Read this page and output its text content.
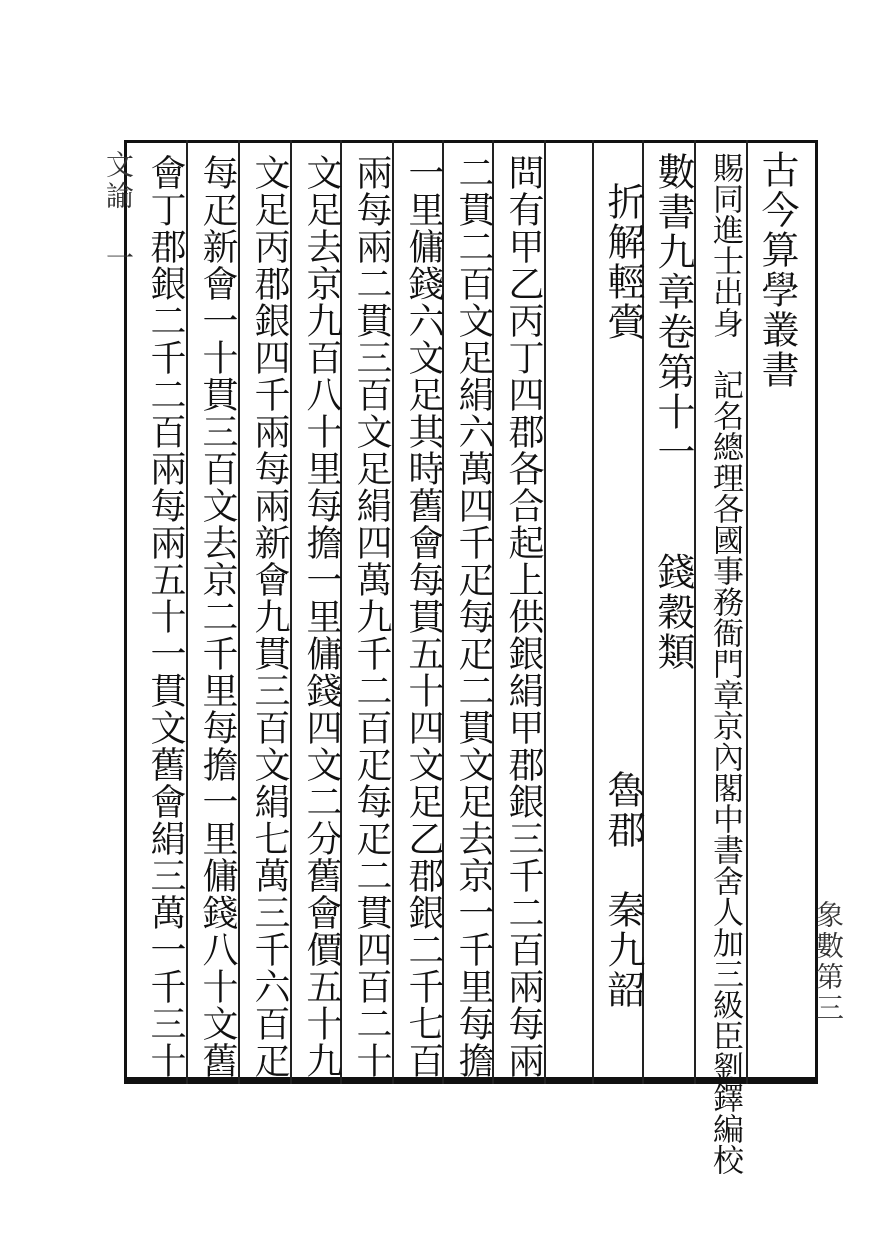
古今算學叢書
賜同進士出身　記名總理各國事務衙門章京內閣中書舍人加三級臣劉鐸編校
數書九章卷第十一　　錢穀類
折解輕賫
魯郡　秦九韶
問有甲乙丙丁四郡各合起上供銀絹甲郡銀三千二百兩每兩
二貫二百文足絹六萬四千疋每疋二貫文足去京一千里每擔
一里傭錢六文足其時舊會每貫五十四文足乙郡銀二千七百
兩每兩二貫三百文足絹四萬九千二百疋每疋二貫四百二十
文足去京九百八十里每擔一里傭錢四文二分舊會價五十九
文足丙郡銀四千兩每兩新會九貫三百文絹七萬三千六百疋
每疋新會一十貫三百文去京二千里每擔一里傭錢八十文舊
會丁郡銀二千二百兩每兩五十一貫文舊會絹三萬一千三十	象數第三
文諭　一
